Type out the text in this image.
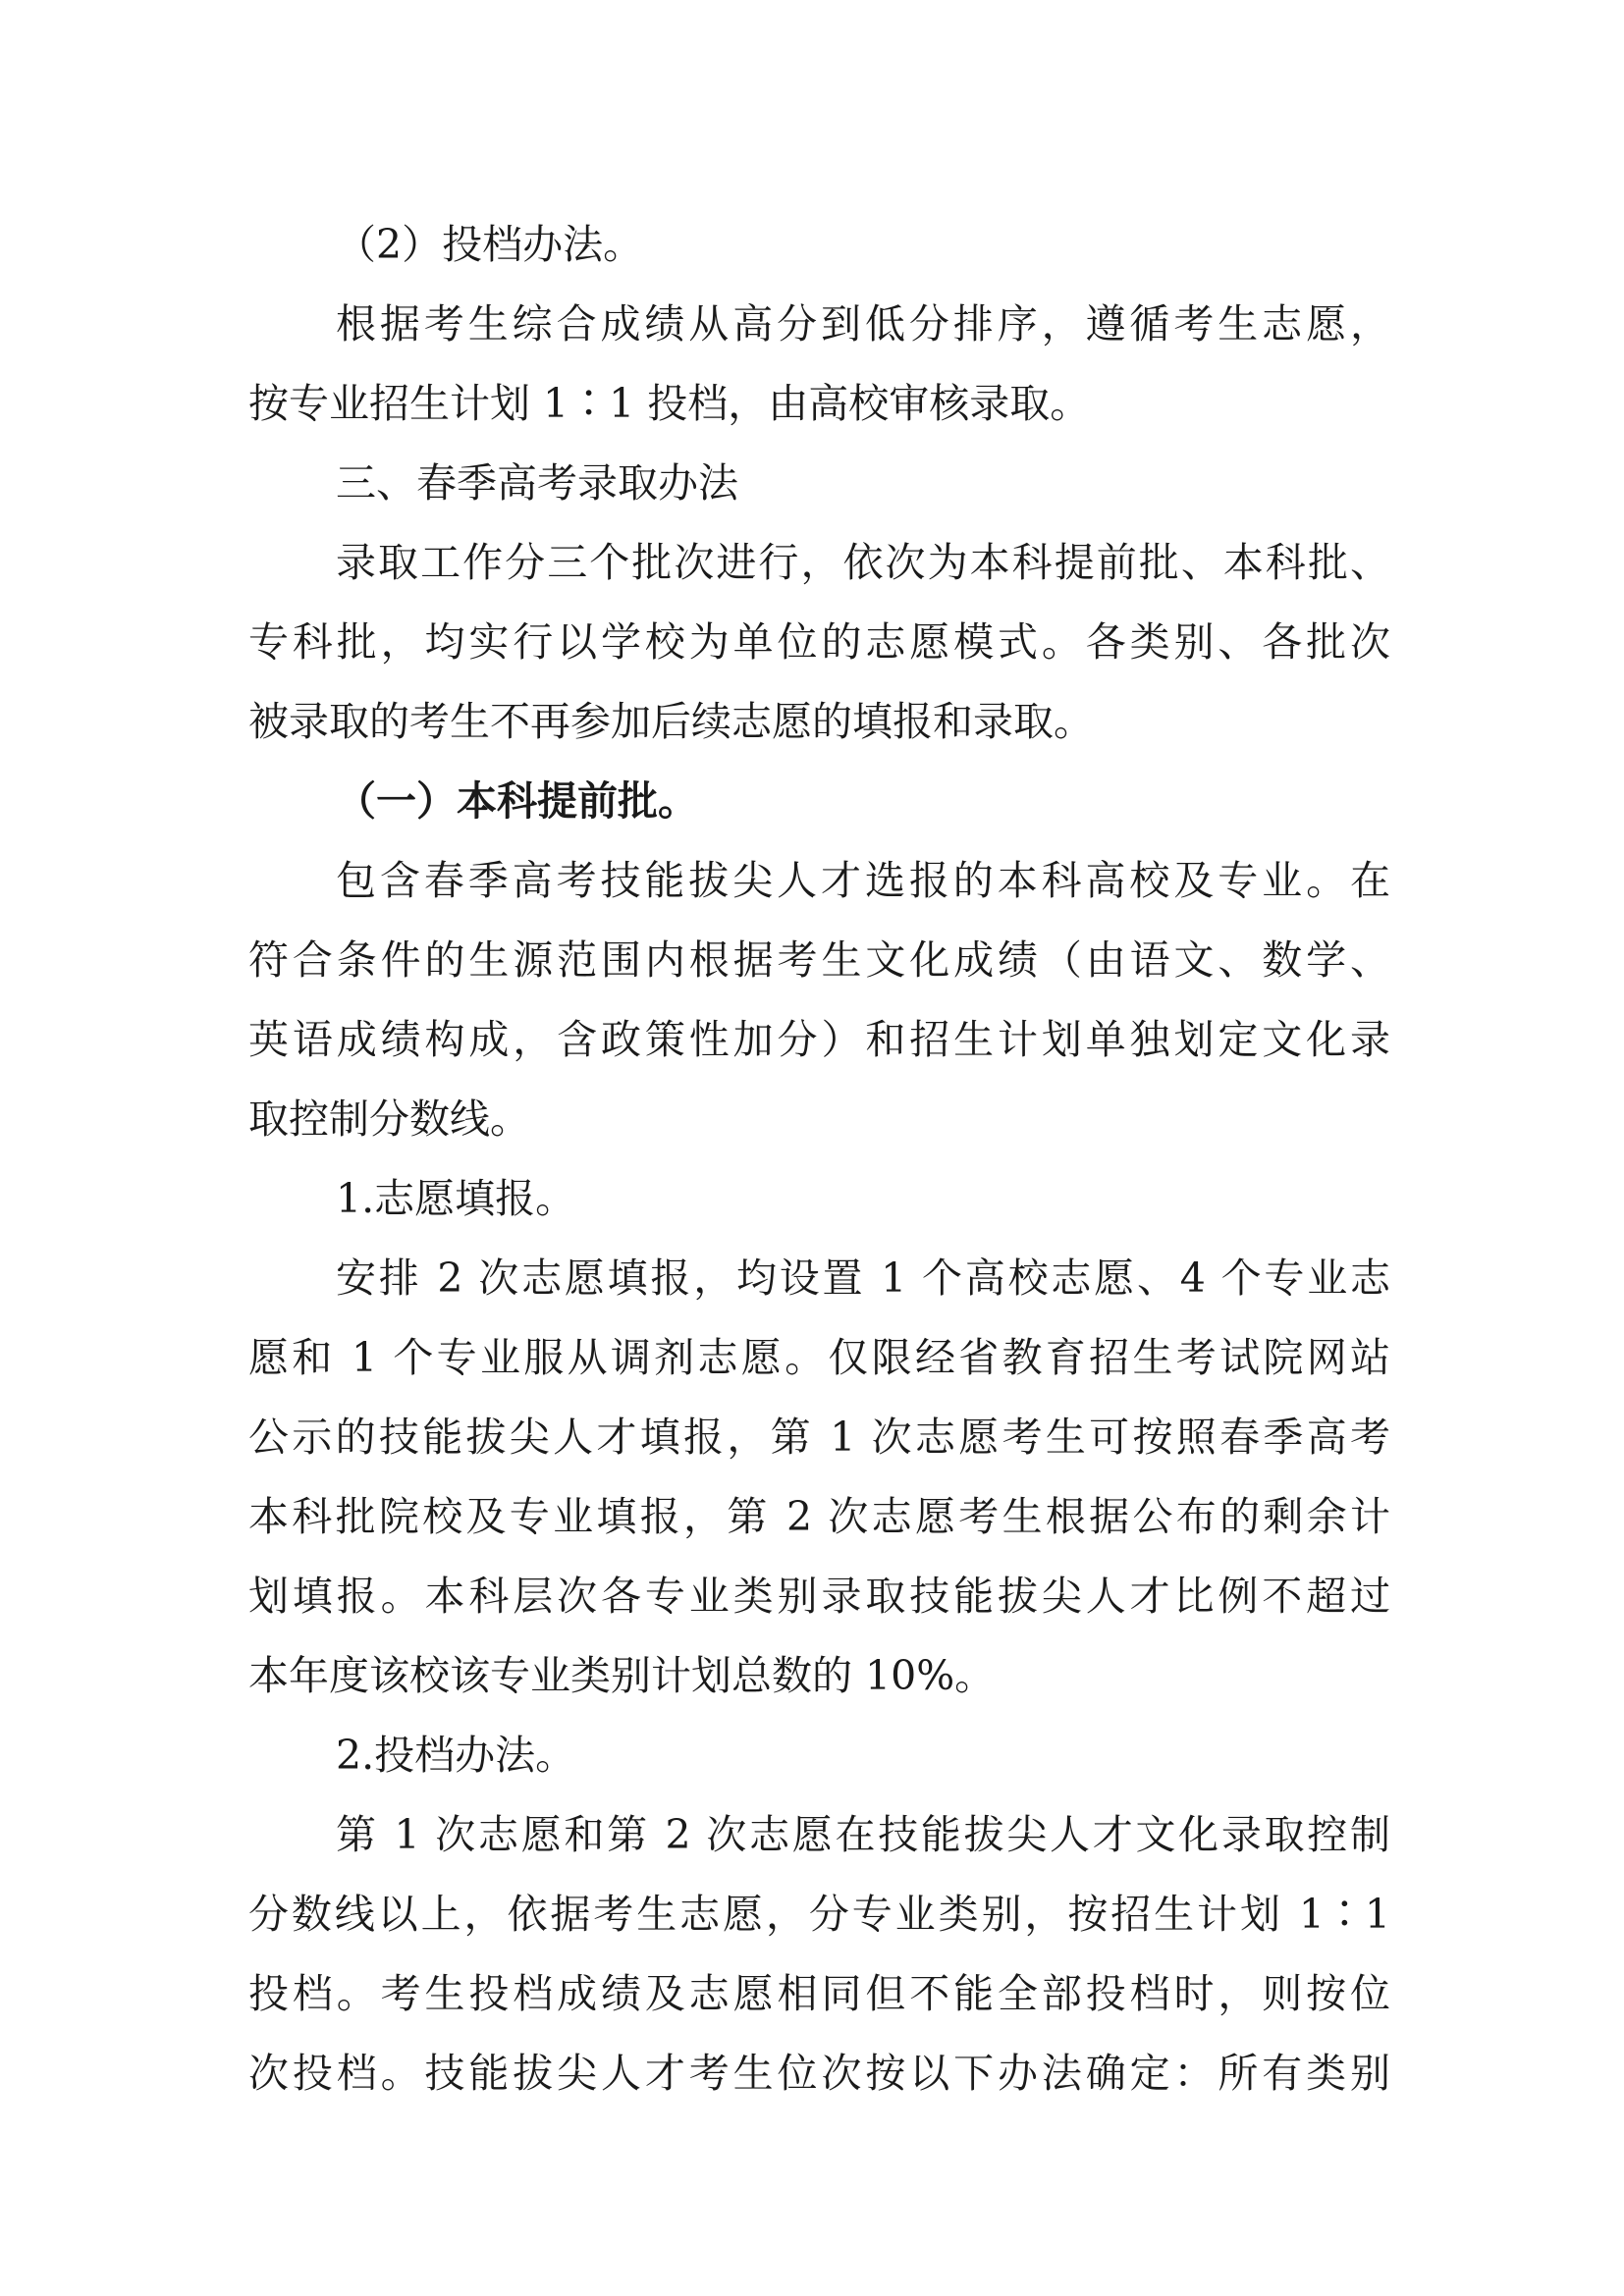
（2）投档办法。

根据考生综合成绩从高分到低分排序，遵循考生志愿，

按专业招生计划 1∶1 投档，由高校审核录取。

三、春季高考录取办法

录取工作分三个批次进行，依次为本科提前批、本科批、

专科批，均实行以学校为单位的志愿模式。各类别、各批次

被录取的考生不再参加后续志愿的填报和录取。

（一）本科提前批。

包含春季高考技能拔尖人才选报的本科高校及专业。在

符合条件的生源范围内根据考生文化成绩（由语文、数学、

英语成绩构成，含政策性加分）和招生计划单独划定文化录

取控制分数线。

1.志愿填报。

安排 2 次志愿填报，均设置 1 个高校志愿、4 个专业志

愿和 1 个专业服从调剂志愿。仅限经省教育招生考试院网站

公示的技能拔尖人才填报，第 1 次志愿考生可按照春季高考

本科批院校及专业填报，第 2 次志愿考生根据公布的剩余计

划填报。本科层次各专业类别录取技能拔尖人才比例不超过

本年度该校该专业类别计划总数的 10%。

2.投档办法。

第 1 次志愿和第 2 次志愿在技能拔尖人才文化录取控制

分数线以上，依据考生志愿，分专业类别，按招生计划 1∶1

投档。考生投档成绩及志愿相同但不能全部投档时，则按位

次投档。技能拔尖人才考生位次按以下办法确定：所有类别
